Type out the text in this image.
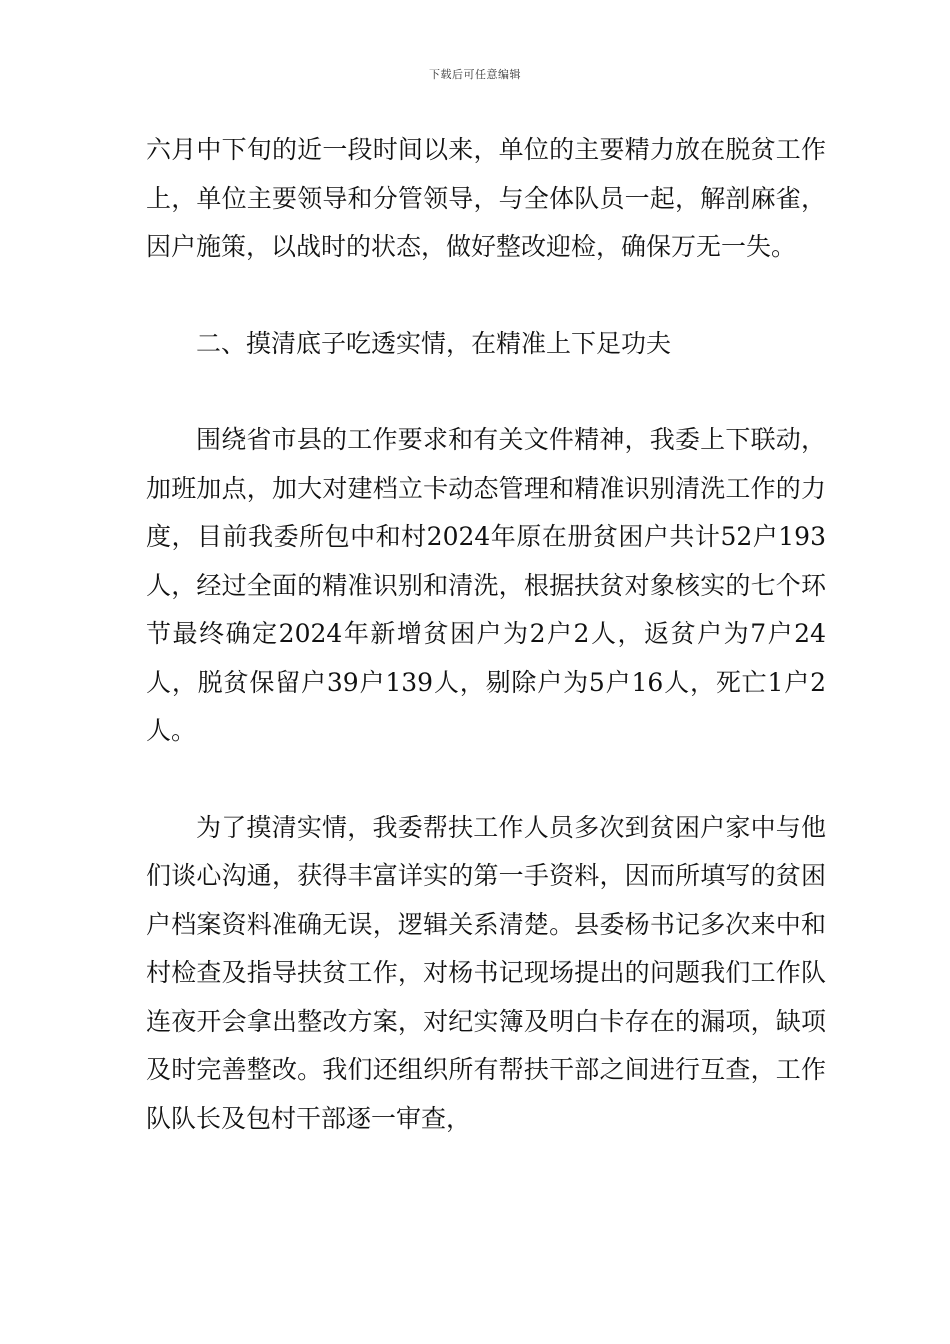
下载后可任意编辑

六月中下旬的近一段时间以来，单位的主要精力放在脱贫工作上，单位主要领导和分管领导，与全体队员一起，解剖麻雀，因户施策，以战时的状态，做好整改迎检，确保万无一失。

二、摸清底子吃透实情，在精准上下足功夫

围绕省市县的工作要求和有关文件精神，我委上下联动，加班加点，加大对建档立卡动态管理和精准识别清洗工作的力度，目前我委所包中和村2024年原在册贫困户共计52户193人，经过全面的精准识别和清洗，根据扶贫对象核实的七个环节最终确定2024年新增贫困户为2户2人，返贫户为7户24人，脱贫保留户39户139人，剔除户为5户16人，死亡1户2人。

为了摸清实情，我委帮扶工作人员多次到贫困户家中与他们谈心沟通，获得丰富详实的第一手资料，因而所填写的贫困户档案资料准确无误，逻辑关系清楚。县委杨书记多次来中和村检查及指导扶贫工作，对杨书记现场提出的问题我们工作队连夜开会拿出整改方案，对纪实簿及明白卡存在的漏项，缺项及时完善整改。我们还组织所有帮扶干部之间进行互查，工作队队长及包村干部逐一审查，
